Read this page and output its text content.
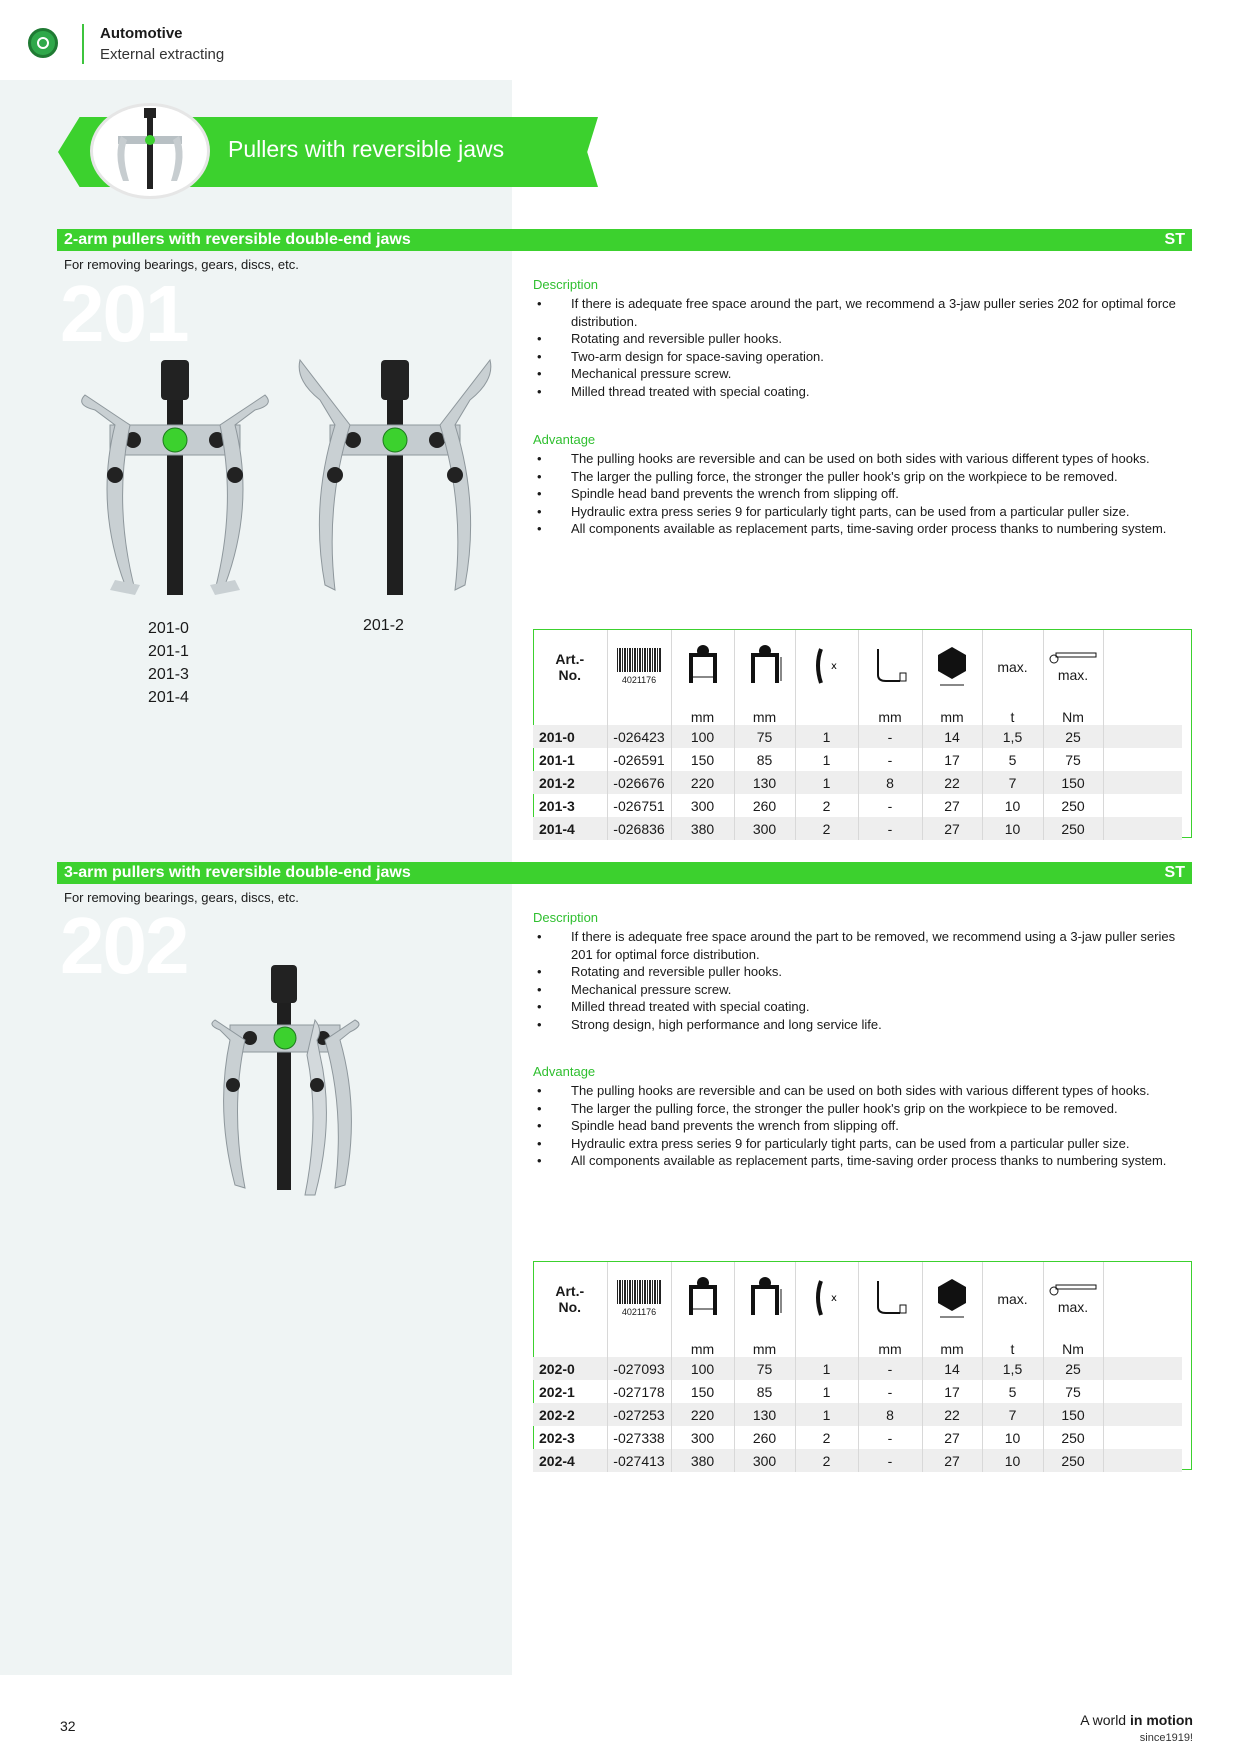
Automotive
External extracting
Pullers with reversible jaws
2-arm pullers with reversible double-end jaws	ST
For removing bearings, gears, discs, etc.
201
201-0
201-1
201-3
201-4
201-2
Description
• If there is adequate free space around the part, we recommend a 3-jaw puller series 202 for optimal force distribution.
• Rotating and reversible puller hooks.
• Two-arm design for space-saving operation.
• Mechanical pressure screw.
• Milled thread treated with special coating.
Advantage
• The pulling hooks are reversible and can be used on both sides with various different types of hooks.
• The larger the pulling force, the stronger the puller hook's grip on the workpiece to be removed.
• Spindle head band prevents the wrench from slipping off.
• Hydraulic extra press series 9 for particularly tight parts, can be used from a particular puller size.
• All components available as replacement parts, time-saving order process thanks to numbering system.
Art.-
No.	4021176			x			max.	max.	

		mm	mm		mm	mm	t	Nm	
201-0	-026423	100	75	1	-	14	1,5	25	
201-1	-026591	150	85	1	-	17	5	75	
201-2	-026676	220	130	1	8	22	7	150	
201-3	-026751	300	260	2	-	27	10	250	
201-4	-026836	380	300	2	-	27	10	250	
3-arm pullers with reversible double-end jaws	ST
For removing bearings, gears, discs, etc.
202	Description
• If there is adequate free space around the part to be removed, we recommend using a 3-jaw puller series 201 for optimal force distribution.
• Rotating and reversible puller hooks.
• Mechanical pressure screw.
• Milled thread treated with special coating.
• Strong design, high performance and long service life.
Advantage
• The pulling hooks are reversible and can be used on both sides with various different types of hooks.
• The larger the pulling force, the stronger the puller hook's grip on the workpiece to be removed.
• Spindle head band prevents the wrench from slipping off.
• Hydraulic extra press series 9 for particularly tight parts, can be used from a particular puller size.
• All components available as replacement parts, time-saving order process thanks to numbering system.
Art.-
No.	4021176			x			max.	max.	

		mm	mm		mm	mm	t	Nm	
202-0	-027093	100	75	1	-	14	1,5	25	
202-1	-027178	150	85	1	-	17	5	75	
202-2	-027253	220	130	1	8	22	7	150	
202-3	-027338	300	260	2	-	27	10	250	
202-4	-027413	380	300	2	-	27	10	250	
32	A world in motion
since1919!
